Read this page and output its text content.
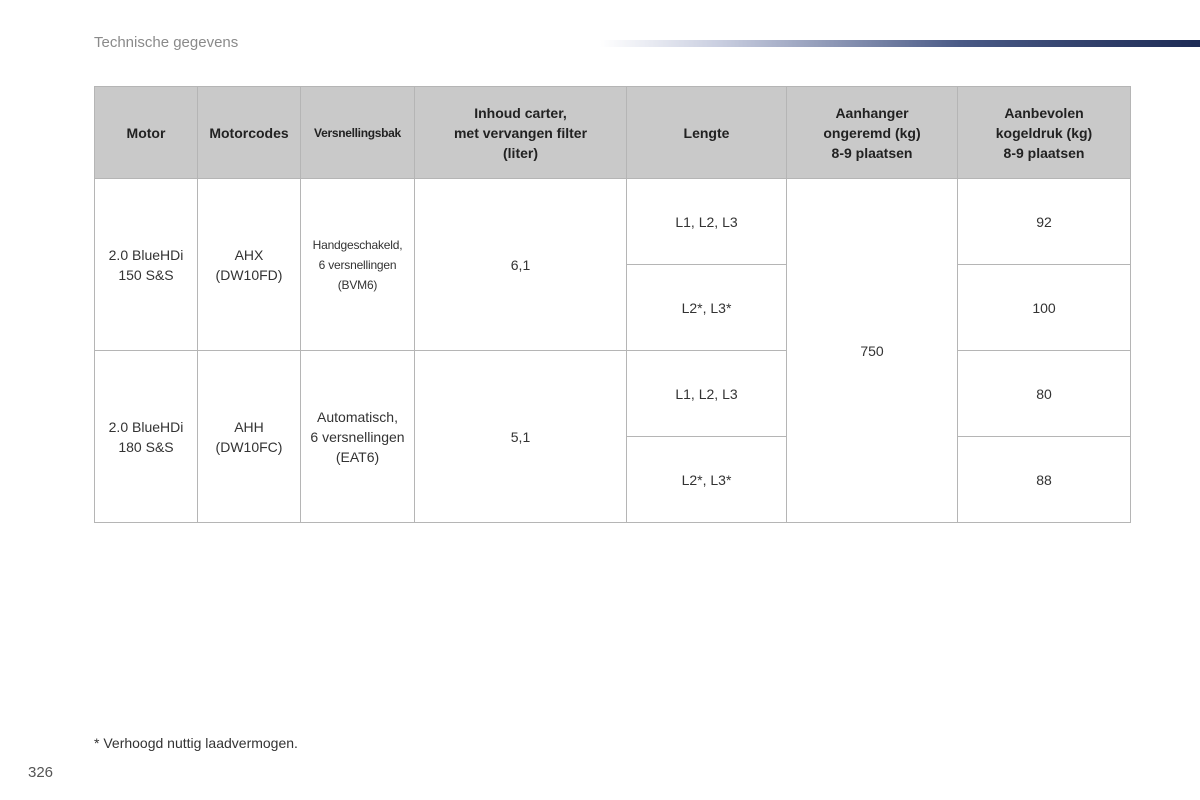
Technische gegevens
Motor	Motorcodes	Versnellingsbak	Inhoud carter,
met vervangen filter
(liter)	Lengte	Aanhanger
ongeremd (kg)
8-9 plaatsen	Aanbevolen
kogeldruk (kg)
8-9 plaatsen

2.0 BlueHDi
150 S&S	AHX
(DW10FD)	Handgeschakeld,
6 versnellingen
(BVM6)	6,1	L1, L2, L3	750	92
				L2*, L3*		100

2.0 BlueHDi
180 S&S	AHH
(DW10FC)	Automatisch,
6 versnellingen
(EAT6)	5,1	L1, L2, L3		80
				L2*, L3*		88
* Verhoogd nuttig laadvermogen.
326
